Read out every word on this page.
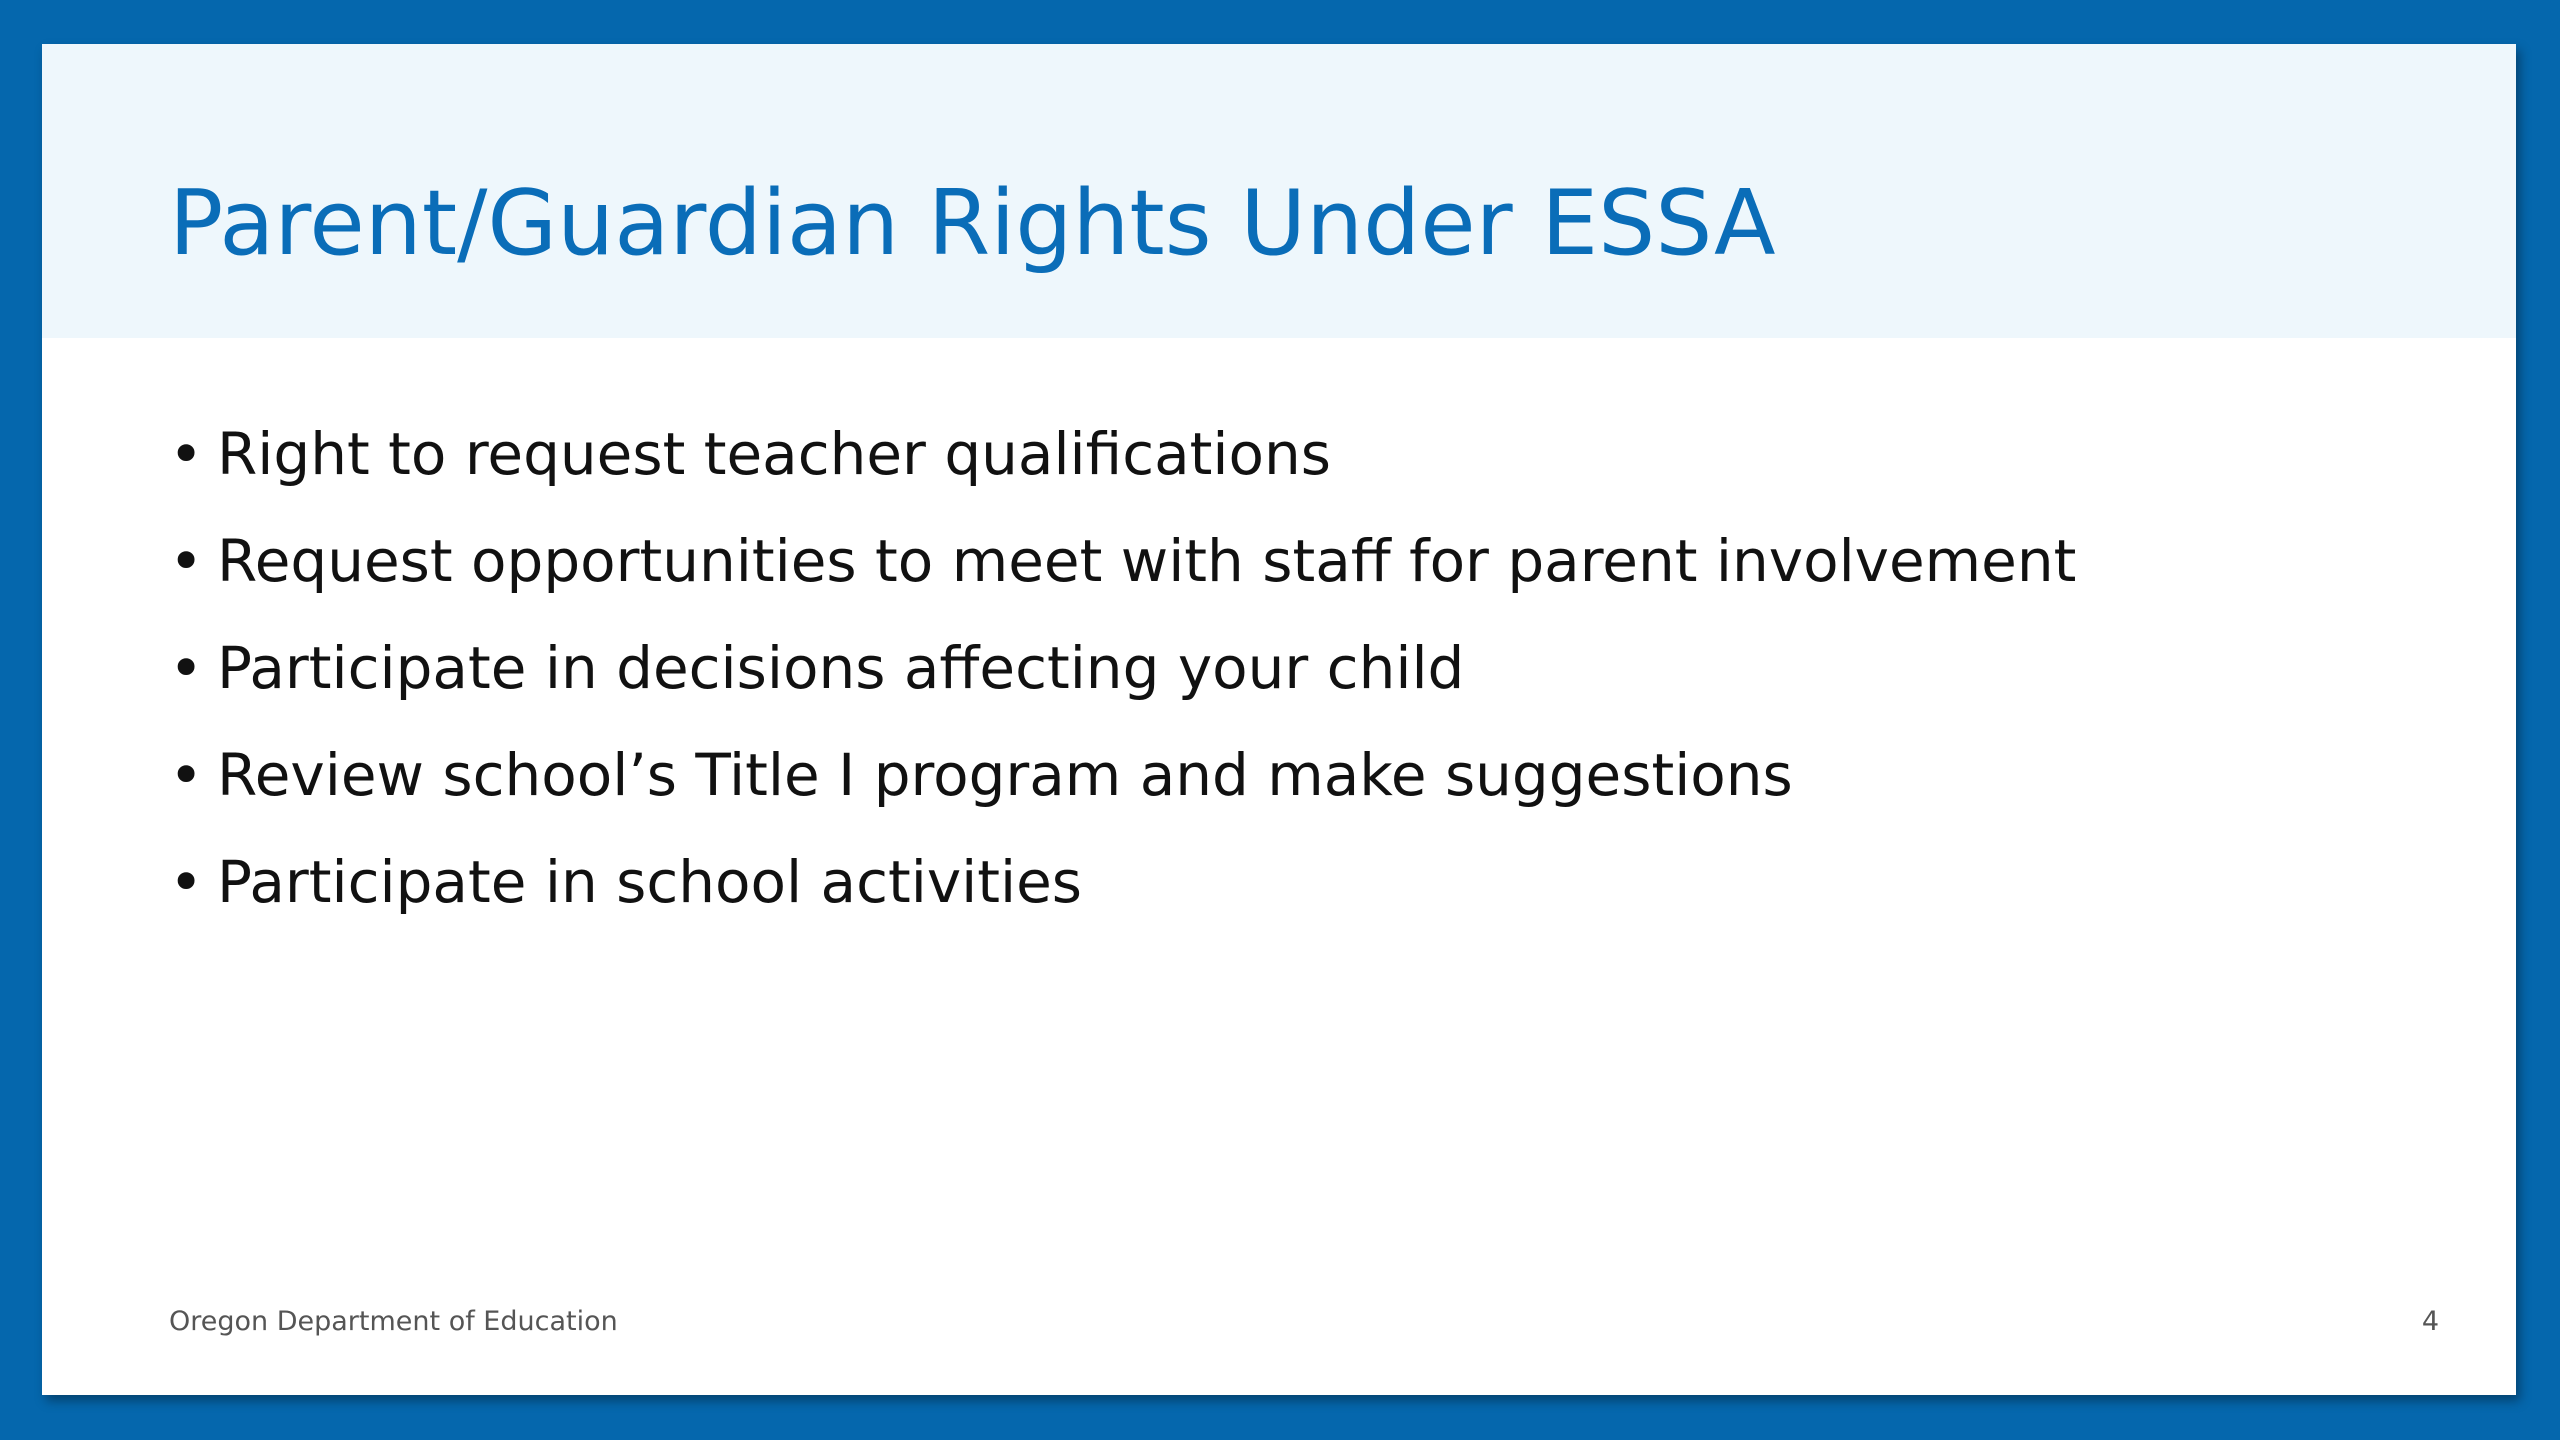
Parent/Guardian Rights Under ESSA
• Right to request teacher qualifications
• Request opportunities to meet with staff for parent involvement
• Participate in decisions affecting your child
• Review school’s Title I program and make suggestions
• Participate in school activities
Oregon Department of Education	4
